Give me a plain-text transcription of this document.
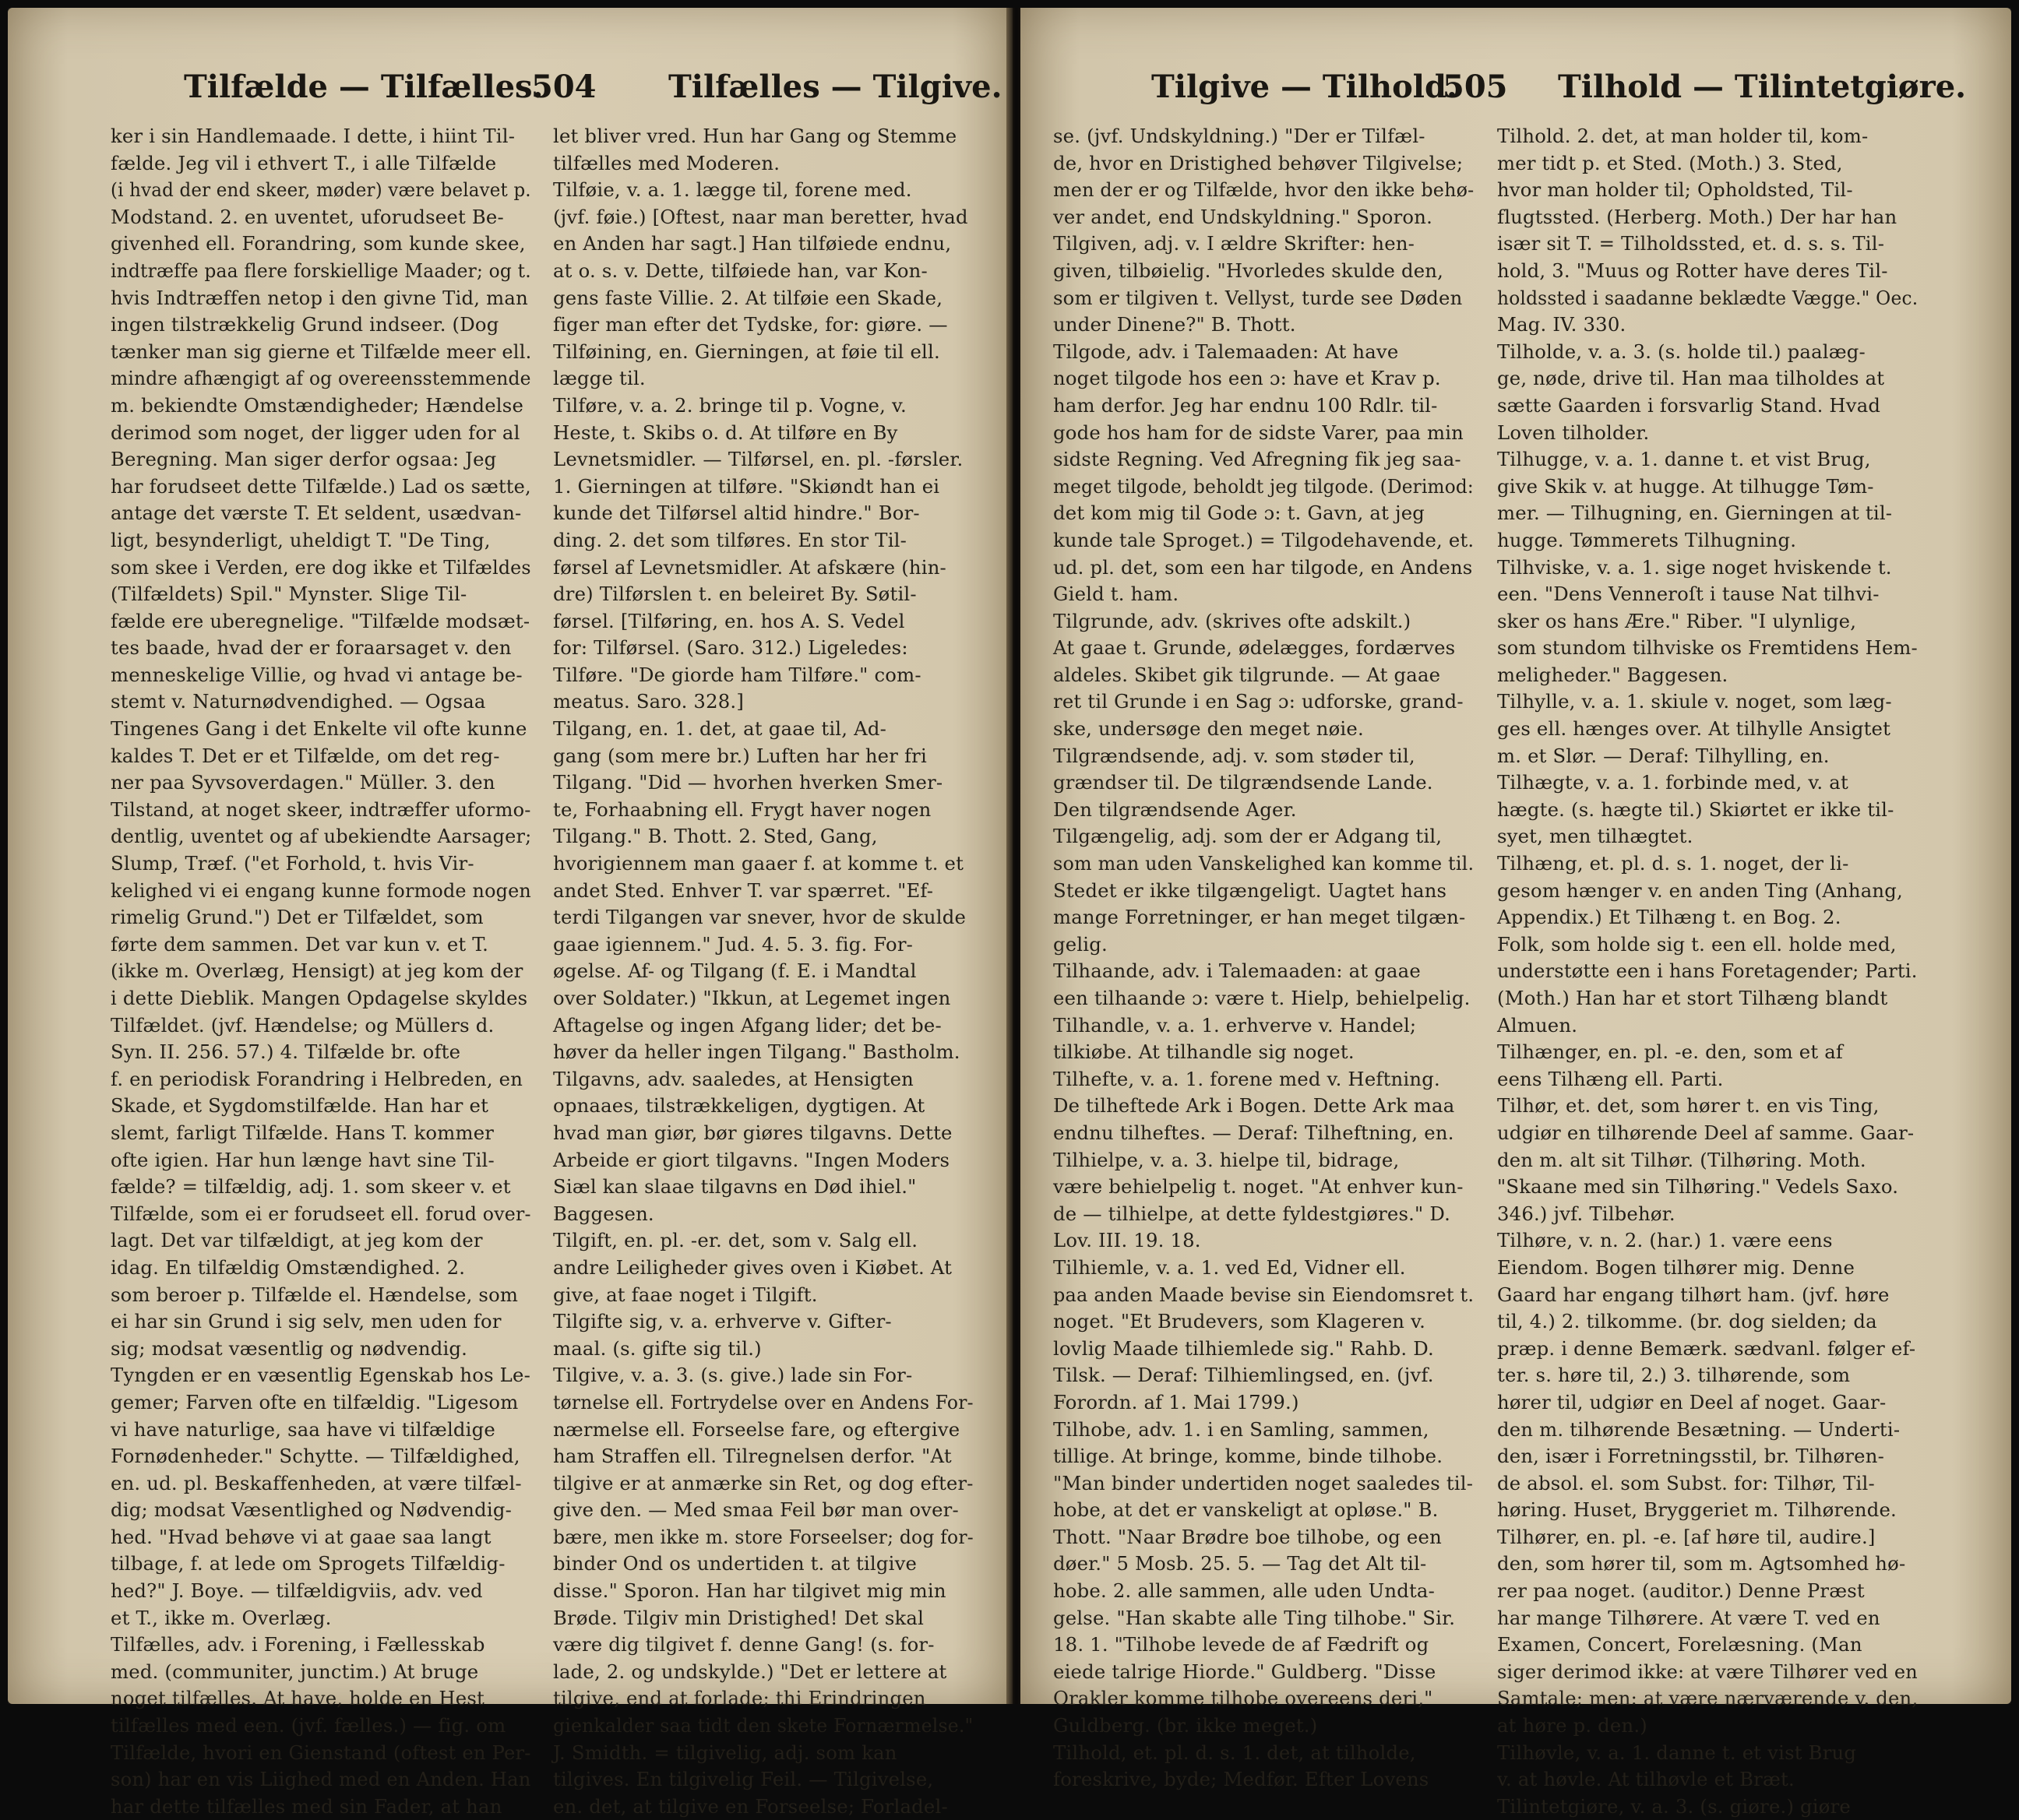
Tilfælde — Tilfælles.
504 Tilfælles — Tilgive.
ker i sin Handlemaade. I dette, i hiint Til-
fælde. Jeg vil i ethvert T., i alle Tilfælde
(i hvad der end skeer, møder) være belavet p.
Modstand. 2. en uventet, uforudseet Be-
givenhed ell. Forandring, som kunde skee,
indtræffe paa flere forskiellige Maader; og t.
hvis Indtræffen netop i den givne Tid, man
ingen tilstrækkelig Grund indseer. (Dog
tænker man sig gierne et Tilfælde meer ell.
mindre afhængigt af og overeensstemmende
m. bekiendte Omstændigheder; Hændelse
derimod som noget, der ligger uden for al
Beregning. Man siger derfor ogsaa: Jeg
har forudseet dette Tilfælde.) Lad os sætte,
antage det værste T. Et seldent, usædvan-
ligt, besynderligt, uheldigt T. "De Ting,
som skee i Verden, ere dog ikke et Tilfældes
(Tilfældets) Spil." Mynster. Slige Til-
fælde ere uberegnelige. "Tilfælde modsæt-
tes baade, hvad der er foraarsaget v. den
menneskelige Villie, og hvad vi antage be-
stemt v. Naturnødvendighed. — Ogsaa
Tingenes Gang i det Enkelte vil ofte kunne
kaldes T. Det er et Tilfælde, om det reg-
ner paa Syvsoverdagen." Müller. 3. den
Tilstand, at noget skeer, indtræffer uformo-
dentlig, uventet og af ubekiendte Aarsager;
Slump, Træf. ("et Forhold, t. hvis Vir-
kelighed vi ei engang kunne formode nogen
rimelig Grund.") Det er Tilfældet, som
førte dem sammen. Det var kun v. et T.
(ikke m. Overlæg, Hensigt) at jeg kom der
i dette Dieblik. Mangen Opdagelse skyldes
Tilfældet. (jvf. Hændelse; og Müllers d.
Syn. II. 256. 57.) 4. Tilfælde br. ofte
f. en periodisk Forandring i Helbreden, en
Skade, et Sygdomstilfælde. Han har et
slemt, farligt Tilfælde. Hans T. kommer
ofte igien. Har hun længe havt sine Til-
fælde? = tilfældig, adj. 1. som skeer v. et
Tilfælde, som ei er forudseet ell. forud over-
lagt. Det var tilfældigt, at jeg kom der
idag. En tilfældig Omstændighed. 2.
som beroer p. Tilfælde el. Hændelse, som
ei har sin Grund i sig selv, men uden for
sig; modsat væsentlig og nødvendig.
Tyngden er en væsentlig Egenskab hos Le-
gemer; Farven ofte en tilfældig. "Ligesom
vi have naturlige, saa have vi tilfældige
Fornødenheder." Schytte. — Tilfældighed,
en. ud. pl. Beskaffenheden, at være tilfæl-
dig; modsat Væsentlighed og Nødvendig-
hed. "Hvad behøve vi at gaae saa langt
tilbage, f. at lede om Sprogets Tilfældig-
hed?" J. Boye. — tilfældigviis, adv. ved
et T., ikke m. Overlæg.
Tilfælles, adv. i Forening, i Fællesskab
med. (communiter, junctim.) At bruge
noget tilfælles. At have, holde en Hest
tilfælles med een. (jvf. fælles.) — fig. om
Tilfælde, hvori en Gienstand (oftest en Per-
son) har en vis Liighed med en Anden. Han
har dette tilfælles med sin Fader, at han
let bliver vred. Hun har Gang og Stemme
tilfælles med Moderen.
Tilføie, v. a. 1. lægge til, forene med.
(jvf. føie.) [Oftest, naar man beretter, hvad
en Anden har sagt.] Han tilføiede endnu,
at o. s. v. Dette, tilføiede han, var Kon-
gens faste Villie. 2. At tilføie een Skade,
figer man efter det Tydske, for: giøre. —
Tilføining, en. Gierningen, at føie til ell.
lægge til.
Tilføre, v. a. 2. bringe til p. Vogne, v.
Heste, t. Skibs o. d. At tilføre en By
Levnetsmidler. — Tilførsel, en. pl. -førsler.
1. Gierningen at tilføre. "Skiøndt han ei
kunde det Tilførsel altid hindre." Bor-
ding. 2. det som tilføres. En stor Til-
førsel af Levnetsmidler. At afskære (hin-
dre) Tilførslen t. en beleiret By. Søtil-
førsel. [Tilføring, en. hos A. S. Vedel
for: Tilførsel. (Saro. 312.) Ligeledes:
Tilføre. "De giorde ham Tilføre." com-
meatus. Saro. 328.]
Tilgang, en. 1. det, at gaae til, Ad-
gang (som mere br.) Luften har her fri
Tilgang. "Did — hvorhen hverken Smer-
te, Forhaabning ell. Frygt haver nogen
Tilgang." B. Thott. 2. Sted, Gang,
hvorigiennem man gaaer f. at komme t. et
andet Sted. Enhver T. var spærret. "Ef-
terdi Tilgangen var snever, hvor de skulde
gaae igiennem." Jud. 4. 5. 3. fig. For-
øgelse. Af- og Tilgang (f. E. i Mandtal
over Soldater.) "Ikkun, at Legemet ingen
Aftagelse og ingen Afgang lider; det be-
høver da heller ingen Tilgang." Bastholm.
Tilgavns, adv. saaledes, at Hensigten
opnaaes, tilstrækkeligen, dygtigen. At
hvad man giør, bør giøres tilgavns. Dette
Arbeide er giort tilgavns. "Ingen Moders
Siæl kan slaae tilgavns en Død ihiel."
Baggesen.
Tilgift, en. pl. -er. det, som v. Salg ell.
andre Leiligheder gives oven i Kiøbet. At
give, at faae noget i Tilgift.
Tilgifte sig, v. a. erhverve v. Gifter-
maal. (s. gifte sig til.)
Tilgive, v. a. 3. (s. give.) lade sin For-
tørnelse ell. Fortrydelse over en Andens For-
nærmelse ell. Forseelse fare, og eftergive
ham Straffen ell. Tilregnelsen derfor. "At
tilgive er at anmærke sin Ret, og dog efter-
give den. — Med smaa Feil bør man over-
bære, men ikke m. store Forseelser; dog for-
binder Ond os undertiden t. at tilgive
disse." Sporon. Han har tilgivet mig min
Brøde. Tilgiv min Dristighed! Det skal
være dig tilgivet f. denne Gang! (s. for-
lade, 2. og undskylde.) "Det er lettere at
tilgive, end at forlade; thi Erindringen
gienkalder saa tidt den skete Fornærmelse."
J. Smidth. = tilgivelig, adj. som kan
tilgives. En tilgivelig Feil. — Tilgivelse,
en. det, at tilgive en Forseelse; Forladel-
Tilgive — Tilhold.
505 Tilhold — Tilintetgiøre.
se. (jvf. Undskyldning.) "Der er Tilfæl-
de, hvor en Dristighed behøver Tilgivelse;
men der er og Tilfælde, hvor den ikke behø-
ver andet, end Undskyldning." Sporon.
Tilgiven, adj. v. I ældre Skrifter: hen-
given, tilbøielig. "Hvorledes skulde den,
som er tilgiven t. Vellyst, turde see Døden
under Dinene?" B. Thott.
Tilgode, adv. i Talemaaden: At have
noget tilgode hos een ɔ: have et Krav p.
ham derfor. Jeg har endnu 100 Rdlr. til-
gode hos ham for de sidste Varer, paa min
sidste Regning. Ved Afregning fik jeg saa-
meget tilgode, beholdt jeg tilgode. (Derimod:
det kom mig til Gode ɔ: t. Gavn, at jeg
kunde tale Sproget.) = Tilgodehavende, et.
ud. pl. det, som een har tilgode, en Andens
Gield t. ham.
Tilgrunde, adv. (skrives ofte adskilt.)
At gaae t. Grunde, ødelægges, fordærves
aldeles. Skibet gik tilgrunde. — At gaae
ret til Grunde i en Sag ɔ: udforske, grand-
ske, undersøge den meget nøie.
Tilgrændsende, adj. v. som støder til,
grændser til. De tilgrændsende Lande.
Den tilgrændsende Ager.
Tilgængelig, adj. som der er Adgang til,
som man uden Vanskelighed kan komme til.
Stedet er ikke tilgængeligt. Uagtet hans
mange Forretninger, er han meget tilgæn-
gelig.
Tilhaande, adv. i Talemaaden: at gaae
een tilhaande ɔ: være t. Hielp, behielpelig.
Tilhandle, v. a. 1. erhverve v. Handel;
tilkiøbe. At tilhandle sig noget.
Tilhefte, v. a. 1. forene med v. Heftning.
De tilheftede Ark i Bogen. Dette Ark maa
endnu tilheftes. — Deraf: Tilheftning, en.
Tilhielpe, v. a. 3. hielpe til, bidrage,
være behielpelig t. noget. "At enhver kun-
de — tilhielpe, at dette fyldestgiøres." D.
Lov. III. 19. 18.
Tilhiemle, v. a. 1. ved Ed, Vidner ell.
paa anden Maade bevise sin Eiendomsret t.
noget. "Et Brudevers, som Klageren v.
lovlig Maade tilhiemlede sig." Rahb. D.
Tilsk. — Deraf: Tilhiemlingsed, en. (jvf.
Forordn. af 1. Mai 1799.)
Tilhobe, adv. 1. i en Samling, sammen,
tillige. At bringe, komme, binde tilhobe.
"Man binder undertiden noget saaledes til-
hobe, at det er vanskeligt at opløse." B.
Thott. "Naar Brødre boe tilhobe, og een
døer." 5 Mosb. 25. 5. — Tag det Alt til-
hobe. 2. alle sammen, alle uden Undta-
gelse. "Han skabte alle Ting tilhobe." Sir.
18. 1. "Tilhobe levede de af Fædrift og
eiede talrige Hiorde." Guldberg. "Disse
Orakler komme tilhobe overeens deri,"
Guldberg. (br. ikke meget.)
Tilhold, et. pl. d. s. 1. det, at tilholde,
foreskrive, byde; Medfør. Efter Lovens
Tilhold. 2. det, at man holder til, kom-
mer tidt p. et Sted. (Moth.) 3. Sted,
hvor man holder til; Opholdsted, Til-
flugtssted. (Herberg. Moth.) Der har han
især sit T. = Tilholdssted, et. d. s. s. Til-
hold, 3. "Muus og Rotter have deres Til-
holdssted i saadanne beklædte Vægge." Oec.
Mag. IV. 330.
Tilholde, v. a. 3. (s. holde til.) paalæg-
ge, nøde, drive til. Han maa tilholdes at
sætte Gaarden i forsvarlig Stand. Hvad
Loven tilholder.
Tilhugge, v. a. 1. danne t. et vist Brug,
give Skik v. at hugge. At tilhugge Tøm-
mer. — Tilhugning, en. Gierningen at til-
hugge. Tømmerets Tilhugning.
Tilhviske, v. a. 1. sige noget hviskende t.
een. "Dens Venneroſt i tause Nat tilhvi-
sker os hans Ære." Riber. "I ulynlige,
som stundom tilhviske os Fremtidens Hem-
meligheder." Baggesen.
Tilhylle, v. a. 1. skiule v. noget, som læg-
ges ell. hænges over. At tilhylle Ansigtet
m. et Slør. — Deraf: Tilhylling, en.
Tilhægte, v. a. 1. forbinde med, v. at
hægte. (s. hægte til.) Skiørtet er ikke til-
syet, men tilhægtet.
Tilhæng, et. pl. d. s. 1. noget, der li-
gesom hænger v. en anden Ting (Anhang,
Appendix.) Et Tilhæng t. en Bog. 2.
Folk, som holde sig t. een ell. holde med,
understøtte een i hans Foretagender; Parti.
(Moth.) Han har et stort Tilhæng blandt
Almuen.
Tilhænger, en. pl. -e. den, som et af
eens Tilhæng ell. Parti.
Tilhør, et. det, som hører t. en vis Ting,
udgiør en tilhørende Deel af samme. Gaar-
den m. alt sit Tilhør. (Tilhøring. Moth.
"Skaane med sin Tilhøring." Vedels Saxo.
346.) jvf. Tilbehør.
Tilhøre, v. n. 2. (har.) 1. være eens
Eiendom. Bogen tilhører mig. Denne
Gaard har engang tilhørt ham. (jvf. høre
til, 4.) 2. tilkomme. (br. dog sielden; da
præp. i denne Bemærk. sædvanl. følger ef-
ter. s. høre til, 2.) 3. tilhørende, som
hører til, udgiør en Deel af noget. Gaar-
den m. tilhørende Besætning. — Underti-
den, især i Forretningsstil, br. Tilhøren-
de absol. el. som Subst. for: Tilhør, Til-
høring. Huset, Bryggeriet m. Tilhørende.
Tilhører, en. pl. -e. [af høre til, audire.]
den, som hører til, som m. Agtsomhed hø-
rer paa noget. (auditor.) Denne Præst
har mange Tilhørere. At være T. ved en
Examen, Concert, Forelæsning. (Man
siger derimod ikke: at være Tilhører ved en
Samtale; men: at være nærværende v. den,
at høre p. den.)
Tilhøvle, v. a. 1. danne t. et vist Brug
v. at høvle. At tilhøvle et Bræt.
Tilintetgiøre, v. a. 3. (s. giøre.) giøre
